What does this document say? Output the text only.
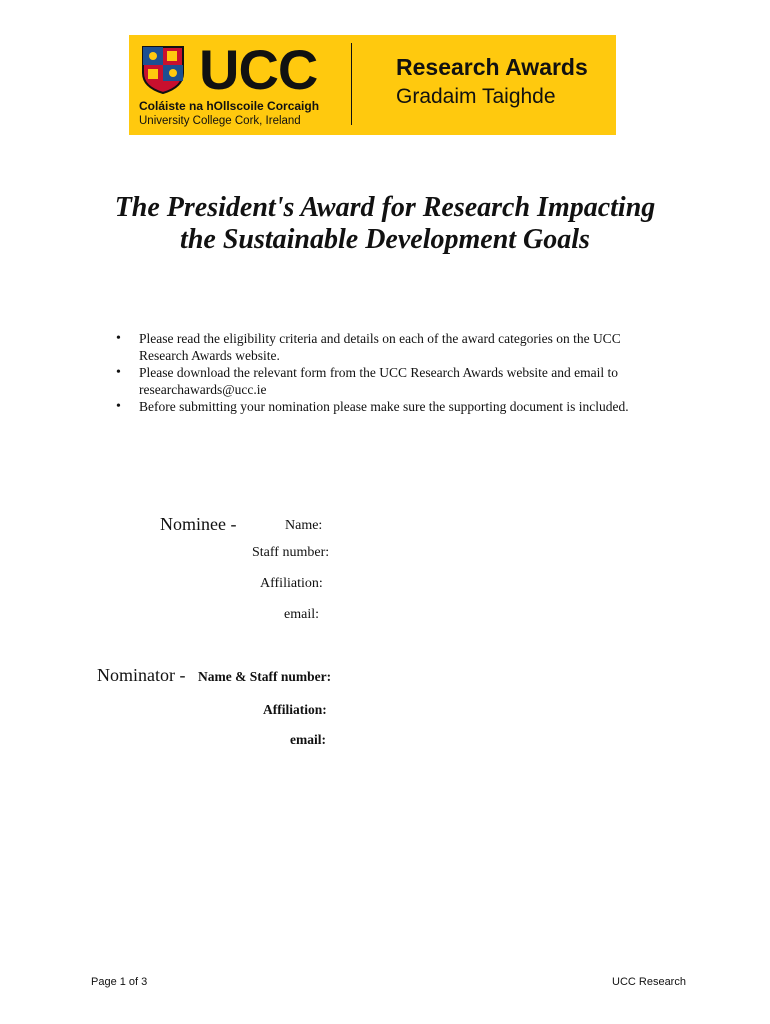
UCC
Coláiste na hOllscoile Corcaigh
University College Cork, Ireland
Research Awards
Gradaim Taighde
The President's Award for Research Impacting
the Sustainable Development Goals
• Please read the eligibility criteria and details on each of the award categories on the UCC Research Awards website.
• Please download the relevant form from the UCC Research Awards website and email to researchawards@ucc.ie
• Before submitting your nomination please make sure the supporting document is included.
Nominee -	Name:
Staff number:
Affiliation:
email:
Nominator - Name & Staff number:
Affiliation:
email:
Page 1 of 3	UCC Research
